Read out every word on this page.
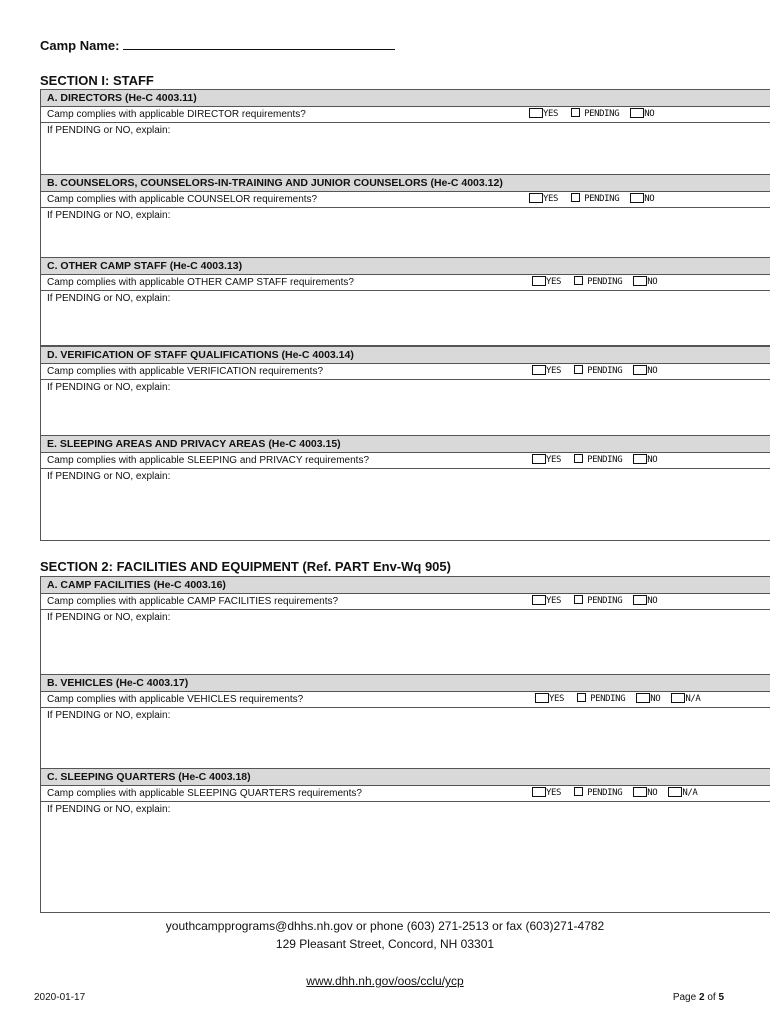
Camp Name:
SECTION I: STAFF
A. DIRECTORS (He-C 4003.11)
Camp complies with applicable DIRECTOR requirements?	YES	PENDING	NO
If PENDING or NO, explain:
B. COUNSELORS, COUNSELORS-IN-TRAINING AND JUNIOR COUNSELORS (He-C 4003.12)
Camp complies with applicable COUNSELOR requirements?	YES	PENDING	NO
If PENDING or NO, explain:
C. OTHER CAMP STAFF (He-C 4003.13)
Camp complies with applicable OTHER CAMP STAFF requirements?	YES	PENDING	NO
If PENDING or NO, explain:
D. VERIFICATION OF STAFF QUALIFICATIONS (He-C 4003.14)
Camp complies with applicable VERIFICATION requirements?	YES	PENDING	NO
If PENDING or NO, explain:
E. SLEEPING AREAS AND PRIVACY AREAS (He-C 4003.15)
Camp complies with applicable SLEEPING and PRIVACY requirements?	YES	PENDING	NO
If PENDING or NO, explain:
SECTION 2: FACILITIES AND EQUIPMENT (Ref. PART Env-Wq 905)
A. CAMP FACILITIES (He-C 4003.16)
Camp complies with applicable CAMP FACILITIES requirements?	YES	PENDING	NO
If PENDING or NO, explain:
B. VEHICLES (He-C 4003.17)
Camp complies with applicable VEHICLES requirements?	YES	PENDING	NO	N/A
If PENDING or NO, explain:
C. SLEEPING QUARTERS (He-C 4003.18)
Camp complies with applicable SLEEPING QUARTERS requirements?	YES	PENDING	NO	N/A
If PENDING or NO, explain:
youthcampprograms@dhhs.nh.gov or phone (603) 271-2513 or fax (603)271-4782
129 Pleasant Street, Concord, NH 03301
www.dhh.nh.gov/oos/cclu/ycp
2020-01-17	Page 2 of 5
